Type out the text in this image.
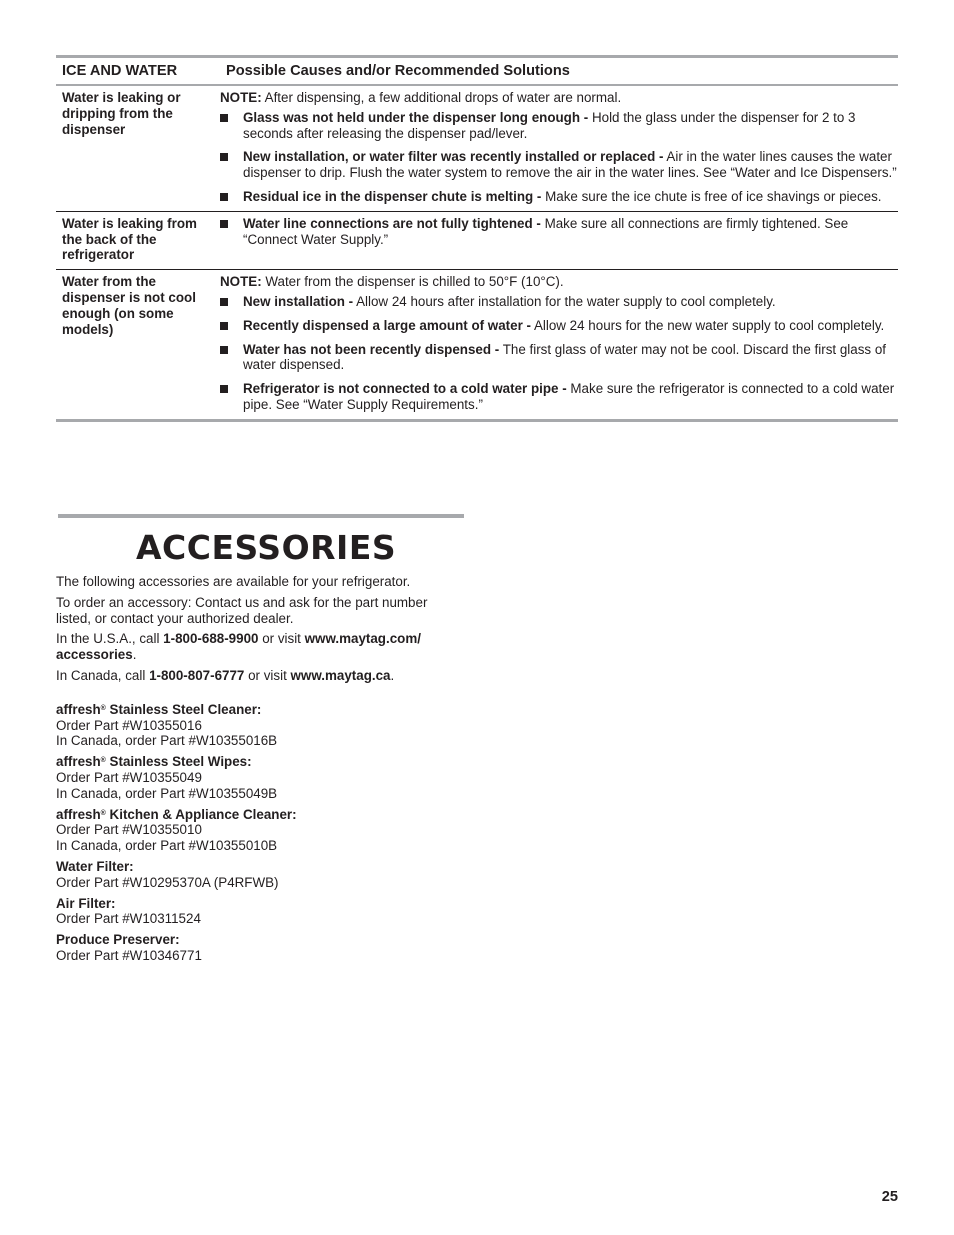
ICE AND WATER	Possible Causes and/or Recommended Solutions
Water is leaking or dripping from the dispenser
NOTE: After dispensing, a few additional drops of water are normal.
Glass was not held under the dispenser long enough - Hold the glass under the dispenser for 2 to 3 seconds after releasing the dispenser pad/lever.
New installation, or water filter was recently installed or replaced - Air in the water lines causes the water dispenser to drip. Flush the water system to remove the air in the water lines. See “Water and Ice Dispensers.”
Residual ice in the dispenser chute is melting - Make sure the ice chute is free of ice shavings or pieces.
Water is leaking from the back of the refrigerator
Water line connections are not fully tightened - Make sure all connections are firmly tightened. See “Connect Water Supply.”
Water from the dispenser is not cool enough (on some models)
NOTE: Water from the dispenser is chilled to 50°F (10°C).
New installation - Allow 24 hours after installation for the water supply to cool completely.
Recently dispensed a large amount of water - Allow 24 hours for the new water supply to cool completely.
Water has not been recently dispensed - The first glass of water may not be cool. Discard the first glass of water dispensed.
Refrigerator is not connected to a cold water pipe - Make sure the refrigerator is connected to a cold water pipe. See “Water Supply Requirements.”
ACCESSORIES

The following accessories are available for your refrigerator.

To order an accessory: Contact us and ask for the part number listed, or contact your authorized dealer.

In the U.S.A., call 1-800-688-9900 or visit www.maytag.com/ accessories.

In Canada, call 1-800-807-6777 or visit www.maytag.ca.

affresh® Stainless Steel Cleaner:
Order Part #W10355016
In Canada, order Part #W10355016B
affresh® Stainless Steel Wipes:
Order Part #W10355049
In Canada, order Part #W10355049B
affresh® Kitchen & Appliance Cleaner:
Order Part #W10355010
In Canada, order Part #W10355010B
Water Filter:
Order Part #W10295370A (P4RFWB)
Air Filter:
Order Part #W10311524
Produce Preserver:
Order Part #W10346771
25
